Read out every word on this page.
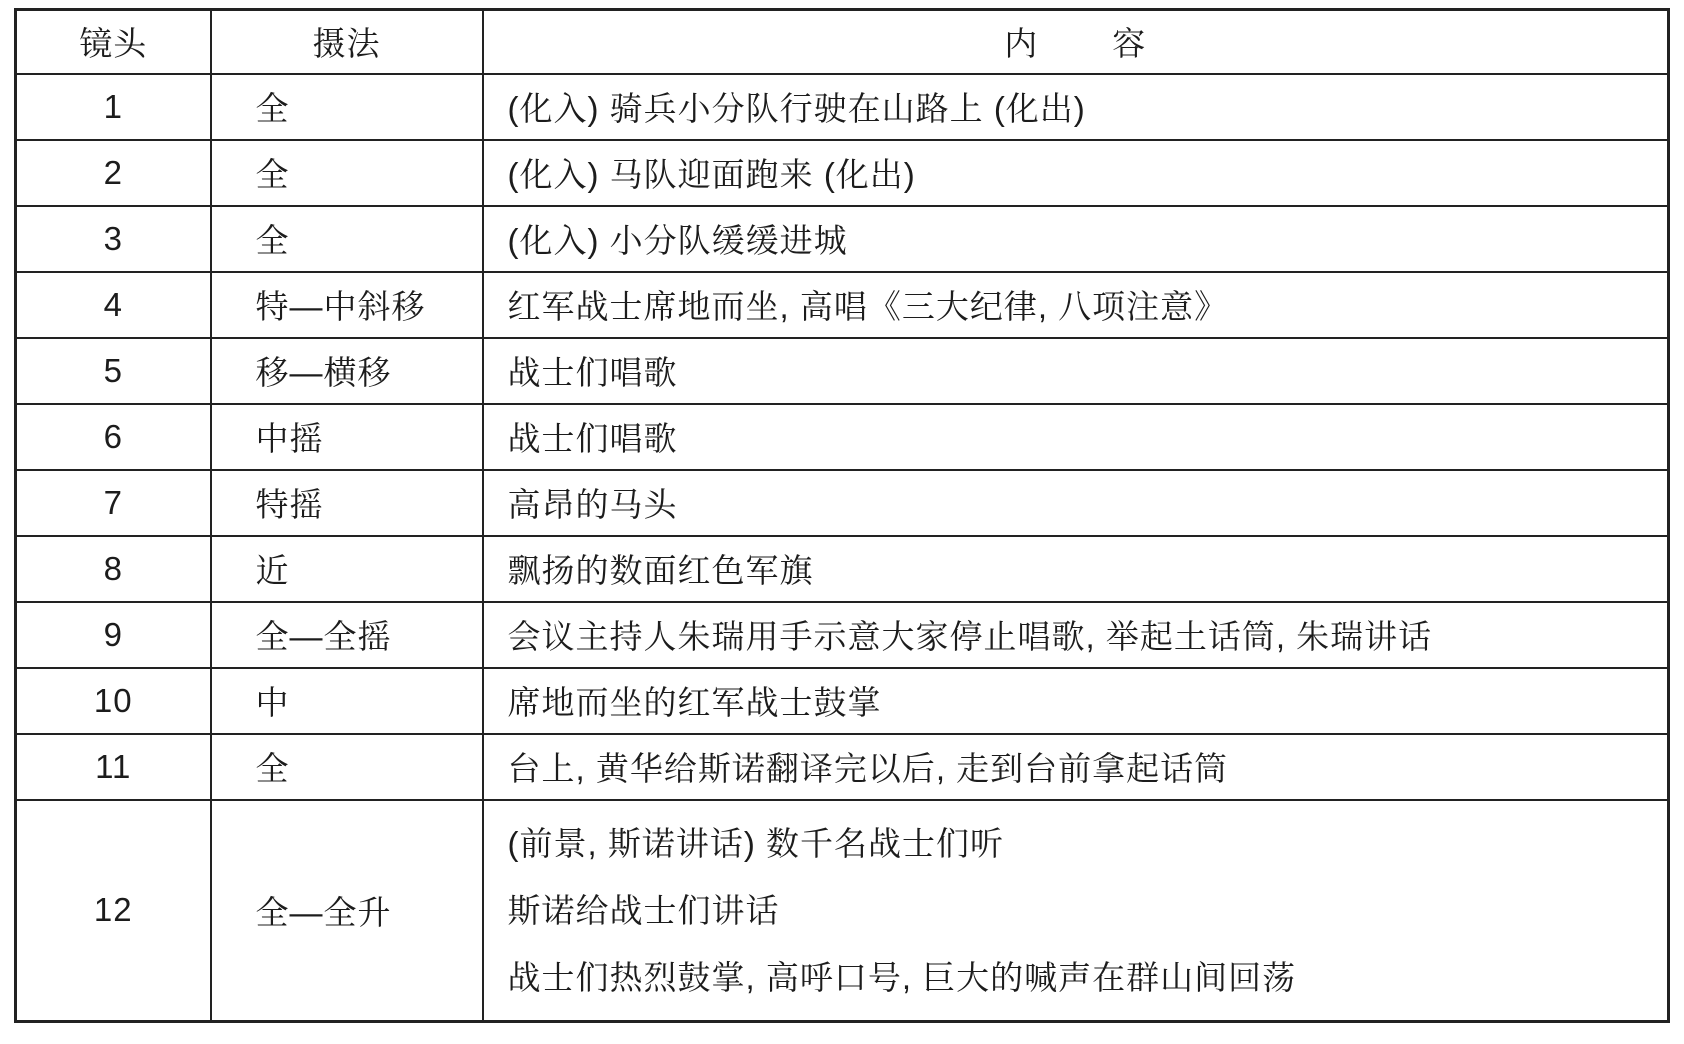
镜头	摄法	内 容
1	全	(化入) 骑兵小分队行驶在山路上 (化出)
2	全	(化入) 马队迎面跑来 (化出)
3	全	(化入) 小分队缓缓进城
4	特—中斜移	红军战士席地而坐, 高唱《三大纪律, 八项注意》
5	移—横移	战士们唱歌
6	中摇	战士们唱歌
7	特摇	高昂的马头
8	近	飘扬的数面红色军旗
9	全—全摇	会议主持人朱瑞用手示意大家停止唱歌, 举起土话筒, 朱瑞讲话
10	中	席地而坐的红军战士鼓掌
11	全	台上, 黄华给斯诺翻译完以后, 走到台前拿起话筒
12	全—全升	(前景, 斯诺讲话) 数千名战士们听
斯诺给战士们讲话
战士们热烈鼓掌, 高呼口号, 巨大的喊声在群山间回荡
